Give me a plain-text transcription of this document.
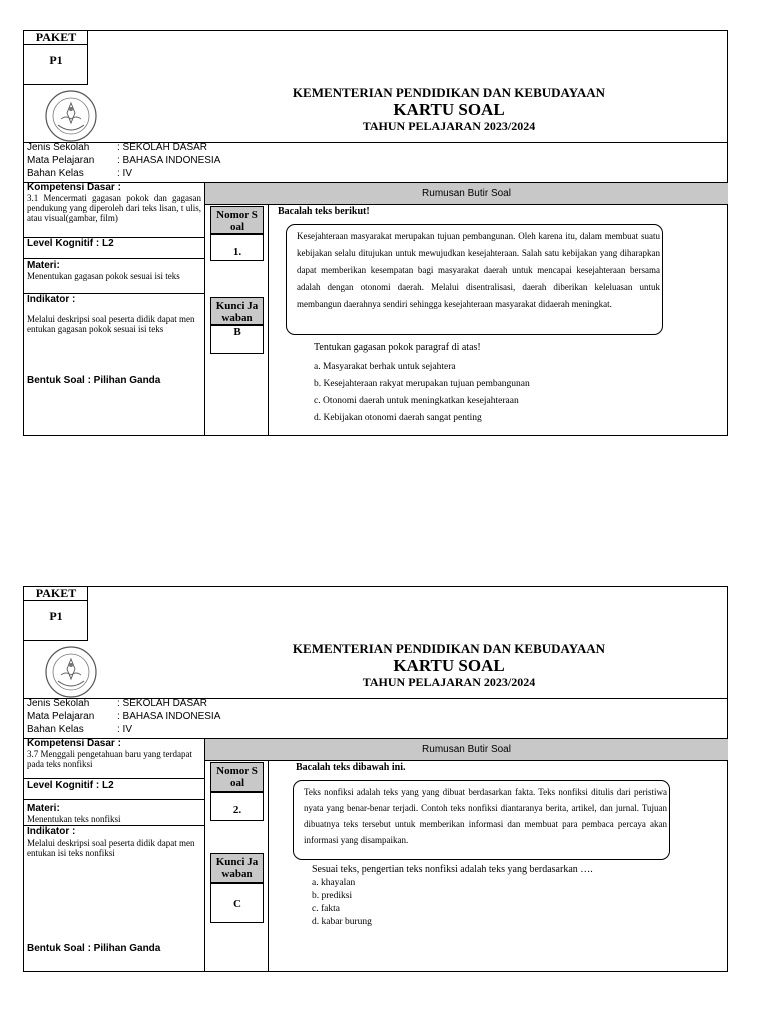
PAKET
P1
KEMENTERIAN PENDIDIKAN DAN KEBUDAYAAN
KARTU SOAL
TAHUN PELAJARAN 2023/2024
Jenis Sekolah	: SEKOLAH DASAR
Mata Pelajaran : BAHASA INDONESIA
Bahan Kelas	: IV
Rumusan Butir Soal
Kompetensi Dasar :
3.1 Mencermati gagasan pokok dan gagasan pendukung yang diperoleh dari teks lisan, t ulis, atau visual(gambar, film)
Level Kognitif : L2
Materi:
Menentukan gagasan pokok sesuai isi teks
Indikator :
Melalui deskripsi soal peserta didik dapat men entukan gagasan pokok sesuai isi teks
Bentuk Soal : Pilihan Ganda
Nomor S oal
1.
Kunci Ja waban
B
Bacalah teks berikut!
Kesejahteraan masyarakat merupakan tujuan pembangunan. Oleh karena itu, dalam membuat suatu kebijakan selalu ditujukan untuk mewujudkan kesejahteraan. Salah satu kebijakan yang diharapkan dapat memberikan kesempatan bagi masyarakat daerah untuk mencapai kesejahteraan bersama adalah dengan otonomi daerah. Melalui disentralisasi, daerah diberikan keleluasan untuk membangun daerahnya sendiri sehingga kesejahteraan masyarakat didaerah meningkat.
Tentukan gagasan pokok paragraf di atas!
a. Masyarakat berhak untuk sejahtera
b. Kesejahteraan rakyat merupakan tujuan pembangunan
c. Otonomi daerah untuk meningkatkan kesejahteraan
d. Kebijakan otonomi daerah sangat penting
PAKET
P1
KEMENTERIAN PENDIDIKAN DAN KEBUDAYAAN
KARTU SOAL
TAHUN PELAJARAN 2023/2024
Jenis Sekolah	: SEKOLAH DASAR
Mata Pelajaran : BAHASA INDONESIA
Bahan Kelas	: IV
Rumusan Butir Soal
Kompetensi Dasar :
3.7 Menggali pengetahuan baru yang terdapat pada teks nonfiksi
Level Kognitif : L2
Materi:
Menentukan teks nonfiksi
Indikator :
Melalui deskripsi soal peserta didik dapat men entukan isi teks nonfiksi
Bentuk Soal : Pilihan Ganda
Nomor S oal
2.
Kunci Ja waban
C
Bacalah teks dibawah ini.
Teks nonfiksi adalah teks yang yang dibuat berdasarkan fakta. Teks nonfiksi ditulis dari peristiwa nyata yang benar-benar terjadi. Contoh teks nonfiksi diantaranya berita, artikel, dan jurnal. Tujuan dibuatnya teks tersebut untuk memberikan informasi dan membuat para pembaca percaya akan informasi yang disampaikan.
Sesuai teks, pengertian teks nonfiksi adalah teks yang berdasarkan ….
a. khayalan
b. prediksi
c. fakta
d. kabar burung
